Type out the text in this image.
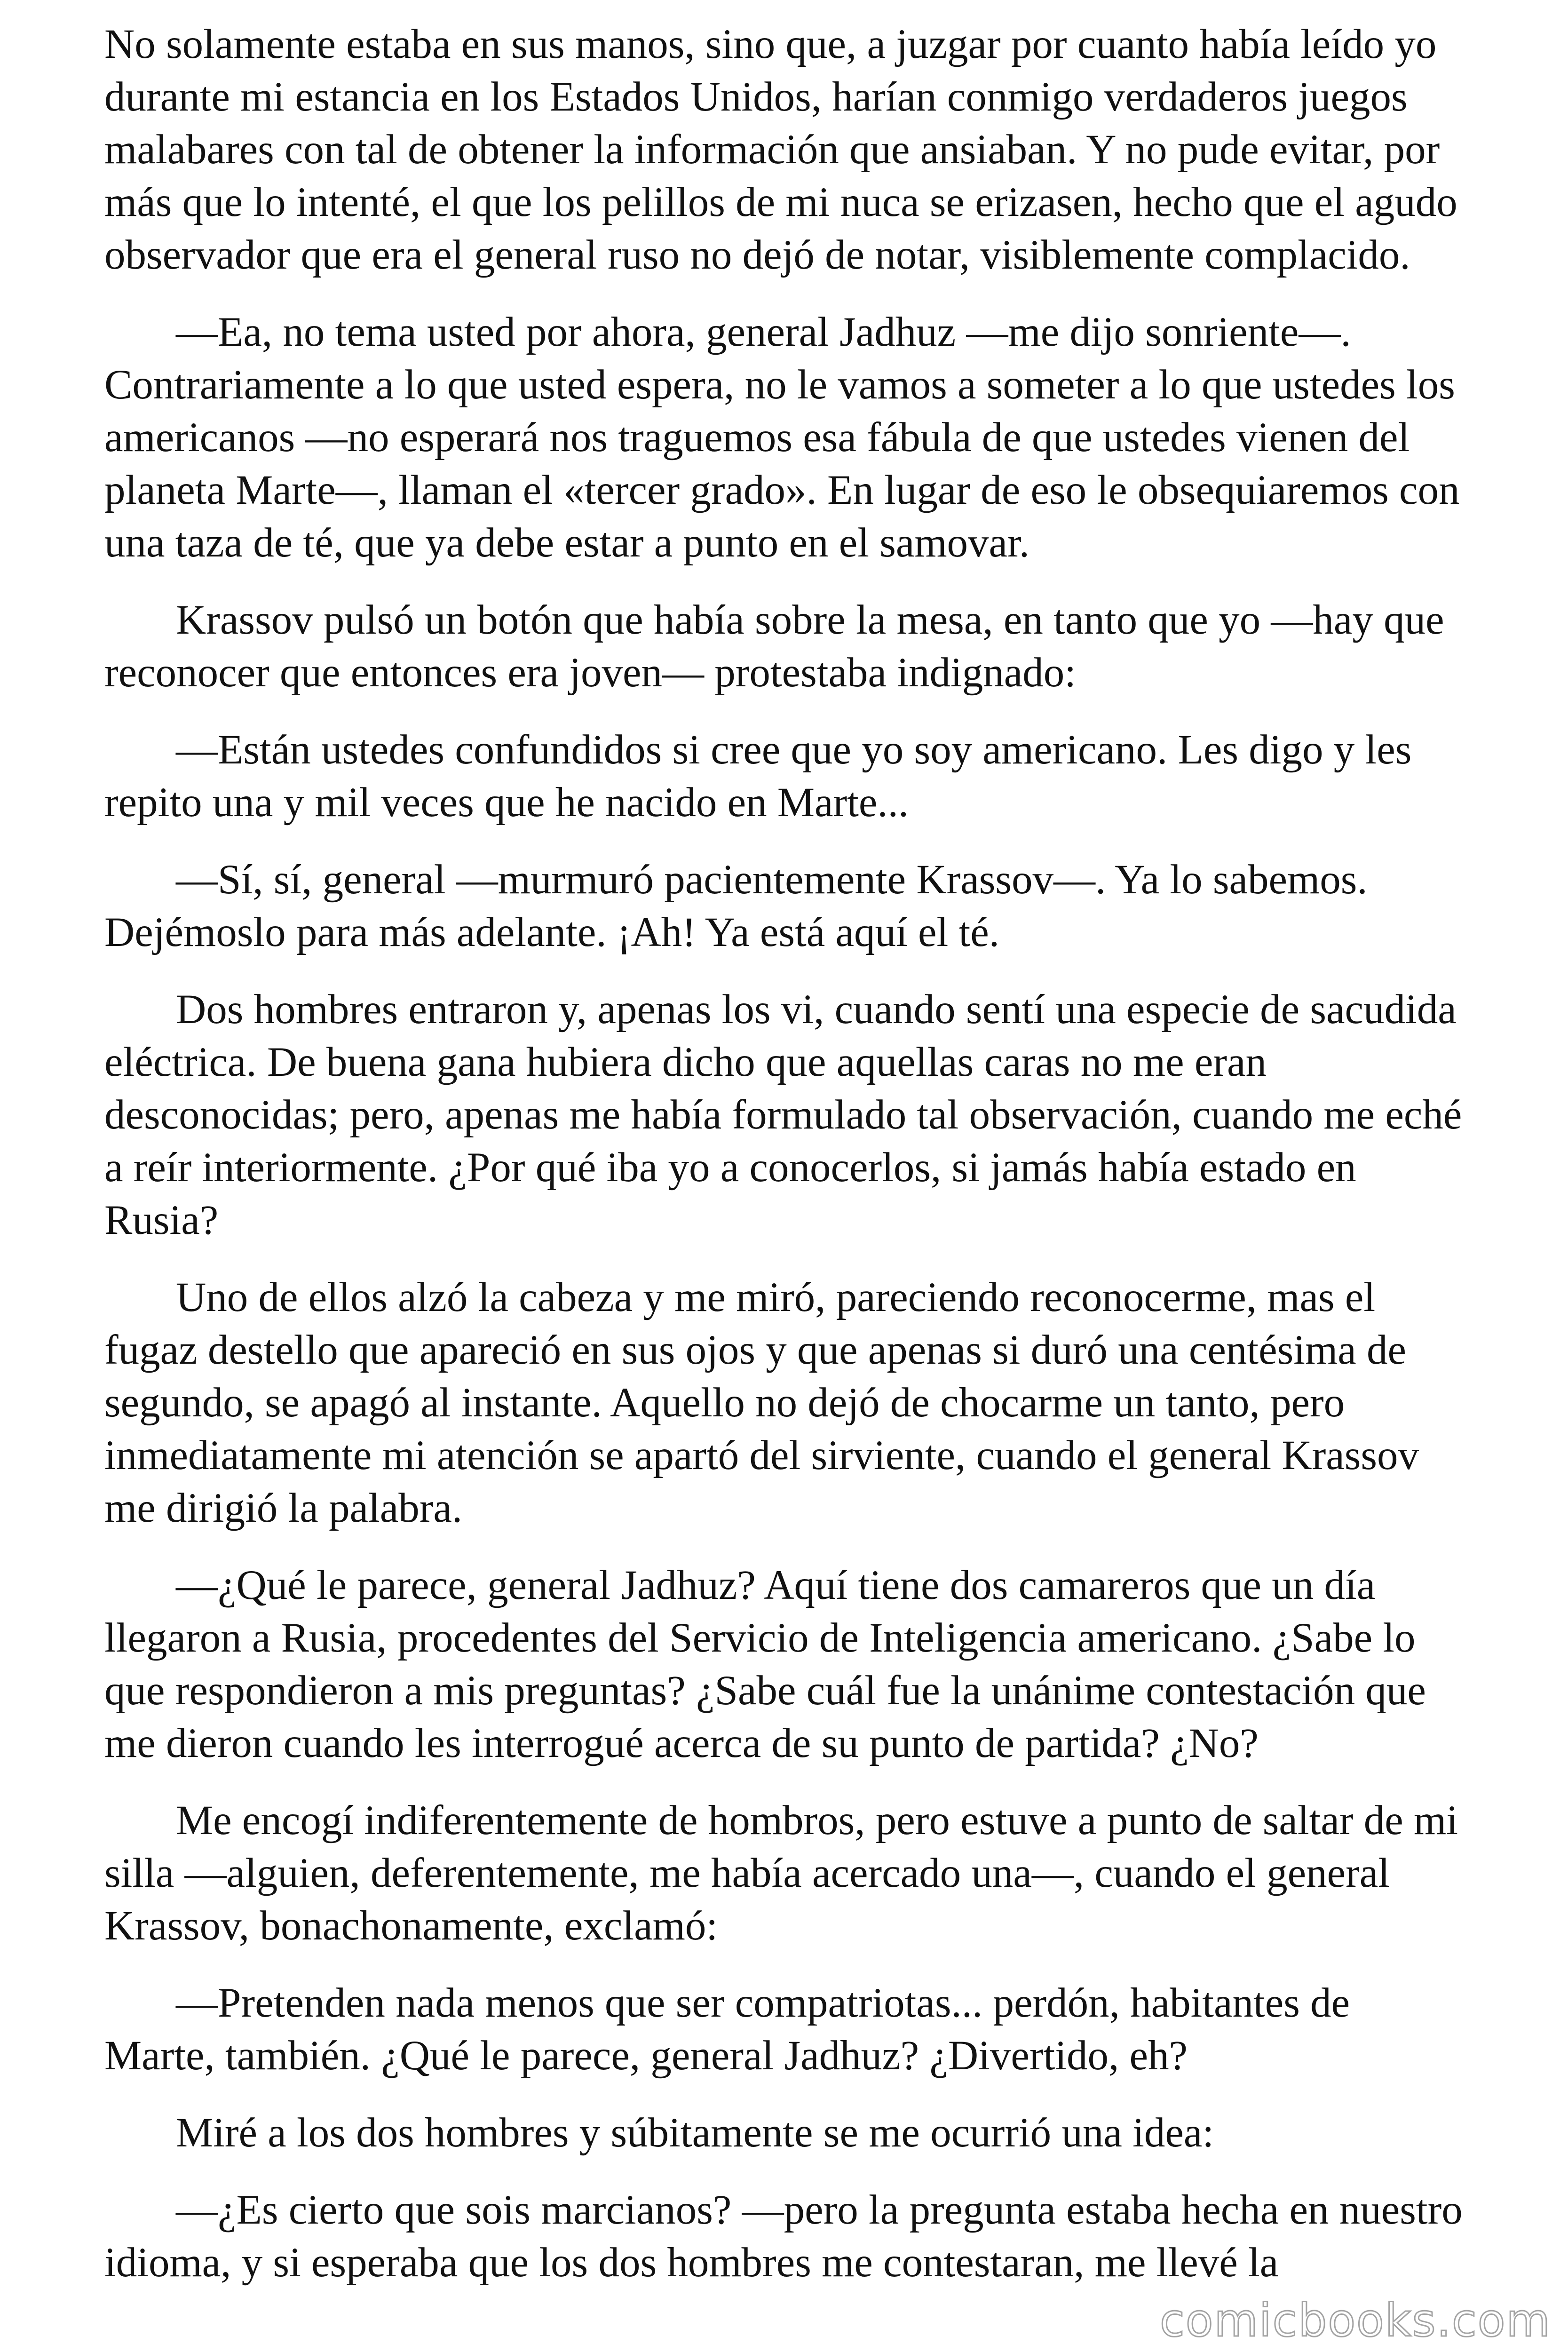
No solamente estaba en sus manos, sino que, a juzgar por cuanto había leído yo durante mi estancia en los Estados Unidos, harían conmigo verdaderos juegos malabares con tal de obtener la información que ansiaban. Y no pude evitar, por más que lo intenté, el que los pelillos de mi nuca se erizasen, hecho que el agudo observador que era el general ruso no dejó de notar, visiblemente complacido.

—Ea, no tema usted por ahora, general Jadhuz —me dijo sonriente—. Contrariamente a lo que usted espera, no le vamos a someter a lo que ustedes los americanos —no esperará nos traguemos esa fábula de que ustedes vienen del planeta Marte—, llaman el «tercer grado». En lugar de eso le obsequiaremos con una taza de té, que ya debe estar a punto en el samovar.

Krassov pulsó un botón que había sobre la mesa, en tanto que yo —hay que reconocer que entonces era joven— protestaba indignado:

—Están ustedes confundidos si cree que yo soy americano. Les digo y les repito una y mil veces que he nacido en Marte...

—Sí, sí, general —murmuró pacientemente Krassov—. Ya lo sabemos. Dejémoslo para más adelante. ¡Ah! Ya está aquí el té.

Dos hombres entraron y, apenas los vi, cuando sentí una especie de sacudida eléctrica. De buena gana hubiera dicho que aquellas caras no me eran desconocidas; pero, apenas me había formulado tal observación, cuando me eché a reír interiormente. ¿Por qué iba yo a conocerlos, si jamás había estado en Rusia?

Uno de ellos alzó la cabeza y me miró, pareciendo reconocerme, mas el fugaz destello que apareció en sus ojos y que apenas si duró una centésima de segundo, se apagó al instante. Aquello no dejó de chocarme un tanto, pero inmediatamente mi atención se apartó del sirviente, cuando el general Krassov me dirigió la palabra.

—¿Qué le parece, general Jadhuz? Aquí tiene dos camareros que un día llegaron a Rusia, procedentes del Servicio de Inteligencia americano. ¿Sabe lo que respondieron a mis preguntas? ¿Sabe cuál fue la unánime contestación que me dieron cuando les interrogué acerca de su punto de partida? ¿No?

Me encogí indiferentemente de hombros, pero estuve a punto de saltar de mi silla —alguien, deferentemente, me había acercado una—, cuando el general Krassov, bonachonamente, exclamó:

—Pretenden nada menos que ser compatriotas... perdón, habitantes de Marte, también. ¿Qué le parece, general Jadhuz? ¿Divertido, eh?

Miré a los dos hombres y súbitamente se me ocurrió una idea:

—¿Es cierto que sois marcianos? —pero la pregunta estaba hecha en nuestro idioma, y si esperaba que los dos hombres me contestaran, me llevé la

comicbooks.com
